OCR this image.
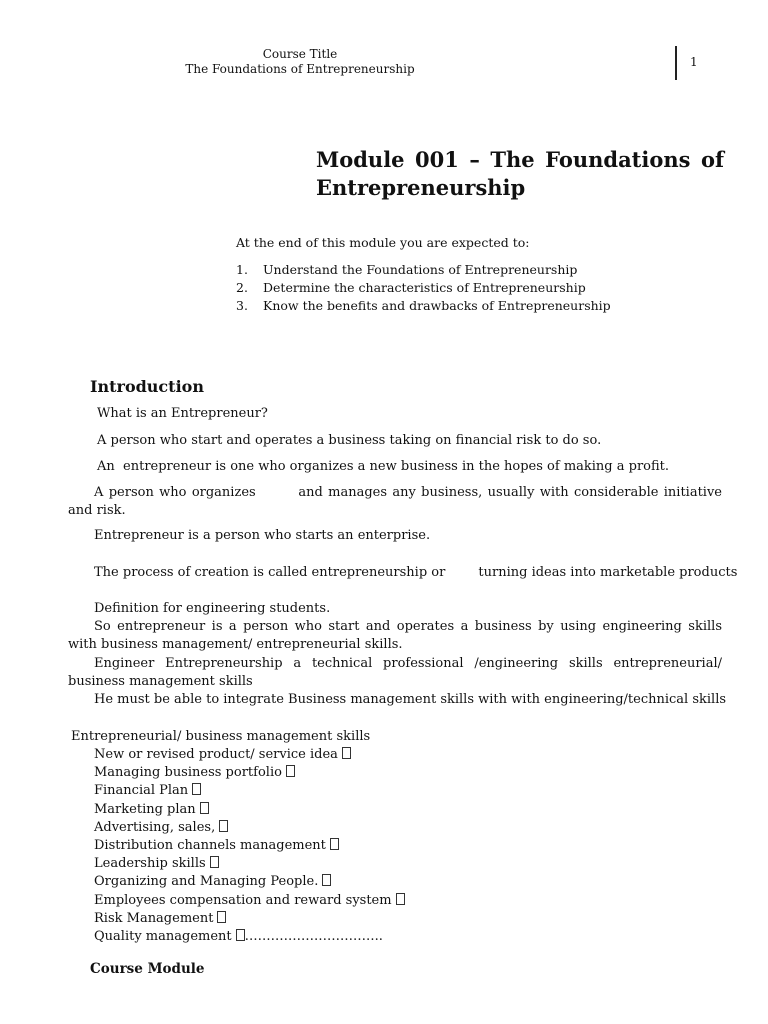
Course Title
The Foundations of Entrepreneurship	1
Module 001 – The Foundations of Entrepreneurship
At the end of this module you are expected to:
1. Understand the Foundations of Entrepreneurship
2. Determine the characteristics of Entrepreneurship
3. Know the benefits and drawbacks of Entrepreneurship
Introduction
What is an Entrepreneur?
A person who start and operates a business taking on financial risk to do so.
An  entrepreneur is one who organizes a new business in the hopes of making a profit.
A person who organizes        and manages any business, usually with considerable initiative and risk.
Entrepreneur is a person who starts an enterprise.
The process of creation is called entrepreneurship or        turning ideas into marketable products
Definition for engineering students.
So entrepreneur is a person who start and operates a business by using engineering skills with business management/ entrepreneurial skills.
Engineer Entrepreneurship a technical professional /engineering skills entrepreneurial/ business management skills
He must be able to integrate Business management skills with with engineering/technical skills
Entrepreneurial/ business management skills
New or revised product/ service idea
Managing business portfolio
Financial Plan
Marketing plan
Advertising, sales,
Distribution channels management
Leadership skills
Organizing and Managing People.
Employees compensation and reward system
Risk Management
Quality management …………………………..
Course Module
